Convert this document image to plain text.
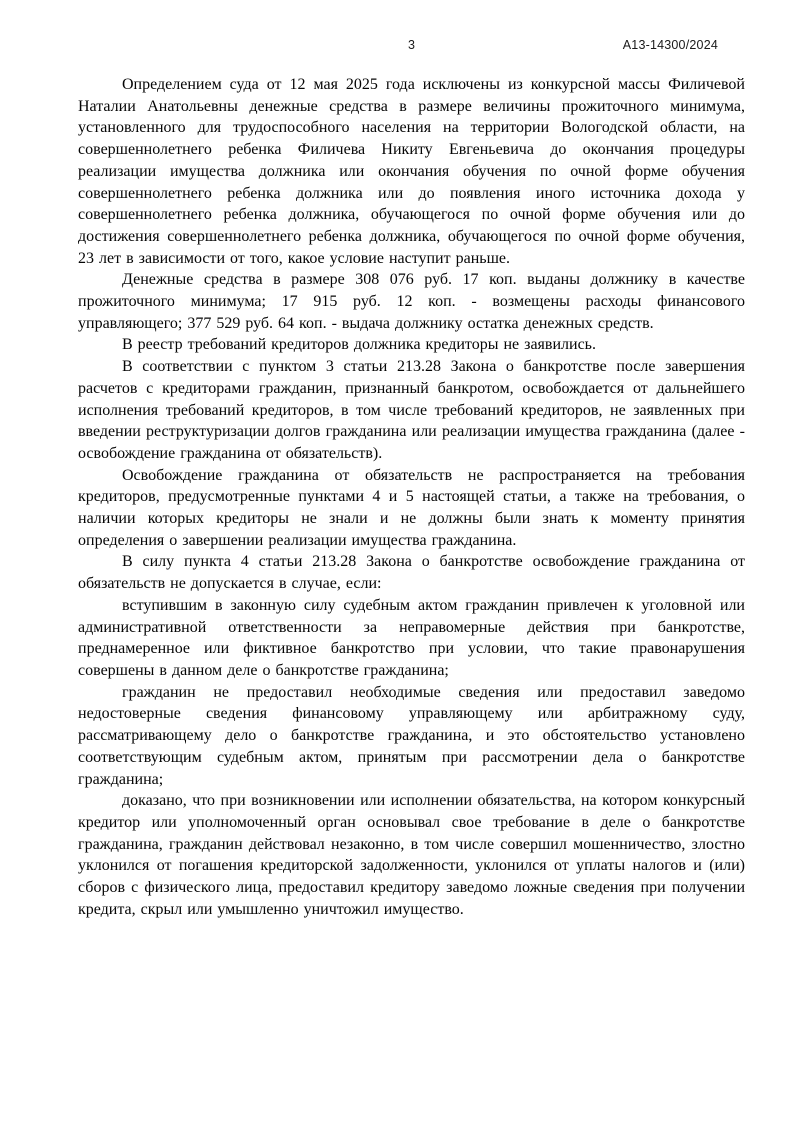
3	А13-14300/2024

Определением суда от 12 мая 2025 года исключены из конкурсной массы Филичевой Наталии Анатольевны денежные средства в размере величины прожиточного минимума, установленного для трудоспособного населения на территории Вологодской области, на совершеннолетнего ребенка Филичева Никиту Евгеньевича до окончания процедуры реализации имущества должника или окончания обучения по очной форме обучения совершеннолетнего ребенка должника или до появления иного источника дохода у совершеннолетнего ребенка должника, обучающегося по очной форме обучения или до достижения совершеннолетнего ребенка должника, обучающегося по очной форме обучения, 23 лет в зависимости от того, какое условие наступит раньше.

Денежные средства в размере 308 076 руб. 17 коп. выданы должнику в качестве прожиточного минимума; 17 915 руб. 12 коп. - возмещены расходы финансового управляющего; 377 529 руб. 64 коп. - выдача должнику остатка денежных средств.

В реестр требований кредиторов должника кредиторы не заявились.

В соответствии с пунктом 3 статьи 213.28 Закона о банкротстве после завершения расчетов с кредиторами гражданин, признанный банкротом, освобождается от дальнейшего исполнения требований кредиторов, в том числе требований кредиторов, не заявленных при введении реструктуризации долгов гражданина или реализации имущества гражданина (далее - освобождение гражданина от обязательств).

Освобождение гражданина от обязательств не распространяется на требования кредиторов, предусмотренные пунктами 4 и 5 настоящей статьи, а также на требования, о наличии которых кредиторы не знали и не должны были знать к моменту принятия определения о завершении реализации имущества гражданина.

В силу пункта 4 статьи 213.28 Закона о банкротстве освобождение гражданина от обязательств не допускается в случае, если:

вступившим в законную силу судебным актом гражданин привлечен к уголовной или административной ответственности за неправомерные действия при банкротстве, преднамеренное или фиктивное банкротство при условии, что такие правонарушения совершены в данном деле о банкротстве гражданина;

гражданин не предоставил необходимые сведения или предоставил заведомо недостоверные сведения финансовому управляющему или арбитражному суду, рассматривающему дело о банкротстве гражданина, и это обстоятельство установлено соответствующим судебным актом, принятым при рассмотрении дела о банкротстве гражданина;

доказано, что при возникновении или исполнении обязательства, на котором конкурсный кредитор или уполномоченный орган основывал свое требование в деле о банкротстве гражданина, гражданин действовал незаконно, в том числе совершил мошенничество, злостно уклонился от погашения кредиторской задолженности, уклонился от уплаты налогов и (или) сборов с физического лица, предоставил кредитору заведомо ложные сведения при получении кредита, скрыл или умышленно уничтожил имущество.
